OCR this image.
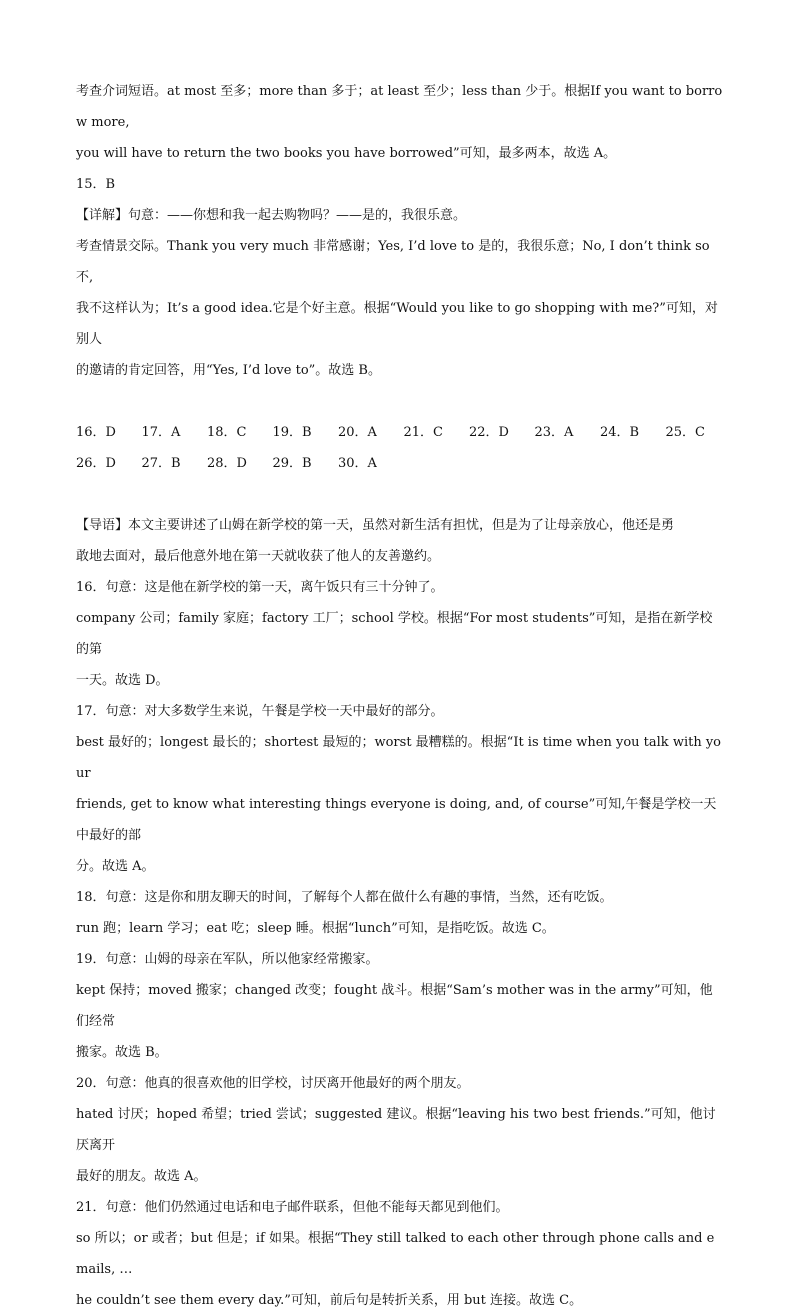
考查介词短语。at most 至多；more than 多于；at least 至少；less than 少于。根据If you want to borrow more,

you will have to return the two books you have borrowed”可知，最多两本，故选 A。

15．B

【详解】句意：——你想和我一起去购物吗？——是的，我很乐意。

考查情景交际。Thank you very much 非常感谢；Yes, I’d love to 是的，我很乐意；No, I don’t think so 不,

我不这样认为；It’s a good idea.它是个好主意。根据“Would you like to go shopping with me?”可知，对别人

的邀请的肯定回答，用“Yes, I’d love to”。故选 B。

16．D	17．A	18．C	19．B	20．A	21．C	22．D	23．A	24．B	25．C
26．D	27．B	28．D	29．B	30．A

【导语】本文主要讲述了山姆在新学校的第一天，虽然对新生活有担忧，但是为了让母亲放心，他还是勇

敢地去面对，最后他意外地在第一天就收获了他人的友善邀约。

16．句意：这是他在新学校的第一天，离午饭只有三十分钟了。

company 公司；family 家庭；factory 工厂；school 学校。根据“For most students”可知，是指在新学校的第

一天。故选 D。

17．句意：对大多数学生来说，午餐是学校一天中最好的部分。

best 最好的；longest 最长的；shortest 最短的；worst 最糟糕的。根据“It is time when you talk with your

friends, get to know what interesting things everyone is doing, and, of course”可知,午餐是学校一天中最好的部

分。故选 A。

18．句意：这是你和朋友聊天的时间，了解每个人都在做什么有趣的事情，当然，还有吃饭。

run 跑；learn 学习；eat 吃；sleep 睡。根据“lunch”可知，是指吃饭。故选 C。

19．句意：山姆的母亲在军队，所以他家经常搬家。

kept 保持；moved 搬家；changed 改变；fought 战斗。根据“Sam’s mother was in the army”可知，他们经常

搬家。故选 B。

20．句意：他真的很喜欢他的旧学校，讨厌离开他最好的两个朋友。

hated 讨厌；hoped 希望；tried 尝试；suggested 建议。根据“leaving his two best friends.”可知，他讨厌离开

最好的朋友。故选 A。

21．句意：他们仍然通过电话和电子邮件联系，但他不能每天都见到他们。

so 所以；or 或者；but 但是；if 如果。根据“They still talked to each other through phone calls and emails, …

he couldn’t see them every day.”可知，前后句是转折关系，用 but 连接。故选 C。
